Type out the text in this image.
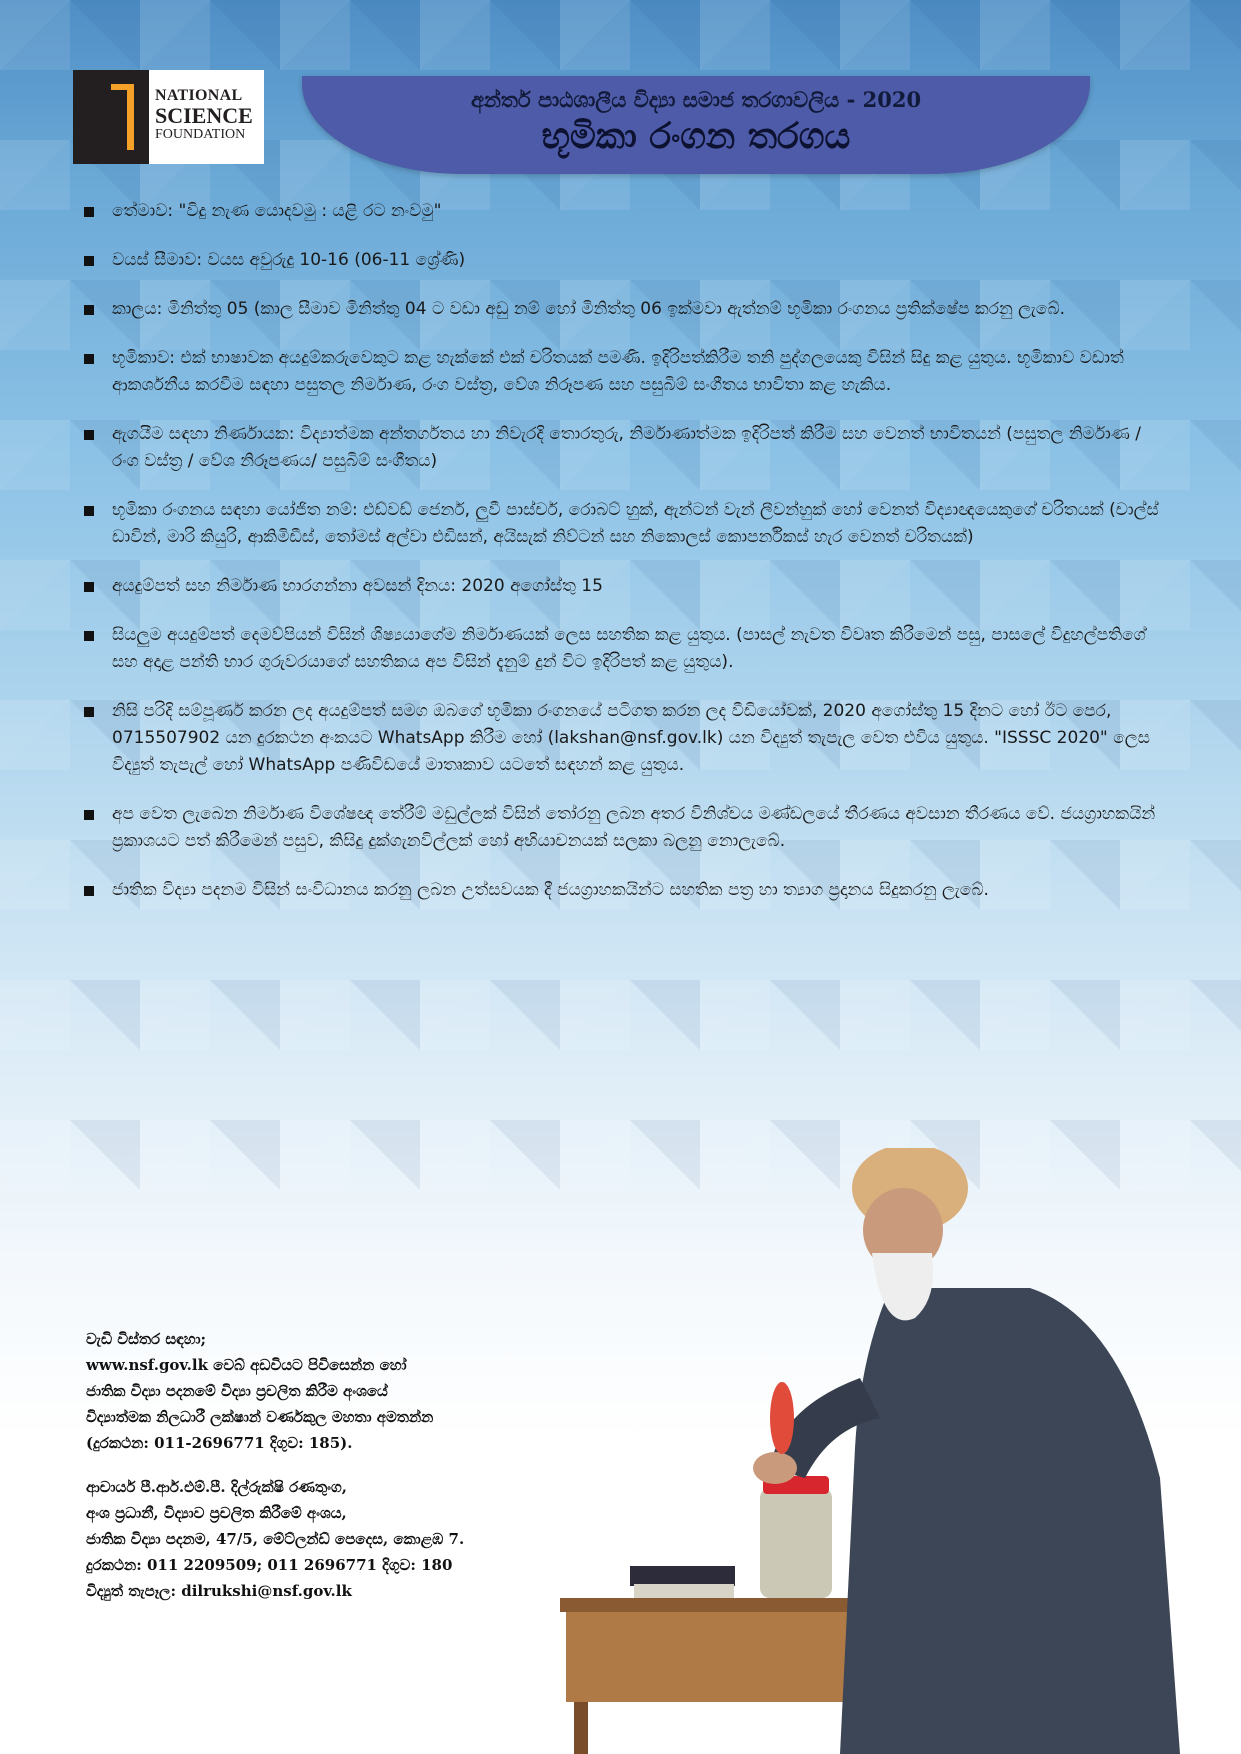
NATIONAL
SCIENCE
FOUNDATION
අන්තර් පාඨශාලීය විද්‍යා සමාජ තරගාවලිය - 2020
භූමිකා රංගන තරගය
තේමාව: "විදු නැණ යොදවමු : යළි රට නංවමු"
වයස් සීමාව: වයස අවුරුදු 10-16 (06-11 ශ්‍රේණි)
කාලය: මිනිත්තු 05 (කාල සීමාව මිනිත්තු 04 ට වඩා අඩු නම් හෝ මිනිත්තු 06 ඉක්මවා ඇත්නම් භූමිකා රංගනය ප්‍රතික්ෂේප කරනු ලැබේ.
භූමිකාව: එක් භාෂාවක අයදුම්කරුවෙකුට කළ හැක්කේ එක් චරිතයක් පමණි. ඉදිරිපත්කිරීම තනි පුද්ගලයෙකු විසින් සිදු කළ යුතුය. භූමිකාව වඩාත් ආකර්ශනීය කරවීම සඳහා පසුතල නිර්මාණ, රංග වස්ත්‍ර, වේශ නිරූපණ සහ පසුබිම් සංගීතය භාවිතා කළ හැකිය.
ඇගයීම සඳහා නිර්ණායක: විද්‍යාත්මක අන්තර්ගතය හා නිවැරදි තොරතුරු, නිර්මාණාත්මක ඉදිරිපත් කිරීම සහ වෙනත් භාවිතයන් (පසුතල නිර්මාණ / රංග වස්ත්‍ර / වේශ නිරූපණය/ පසුබිම් සංගීතය)
භූමිකා රංගනය සඳහා යෝජිත නම්: එඩ්වඩ් ජෙනර්, ලුවී පාස්චර්, රොබට් හුක්, ඇන්ටන් වැන් ලීවන්හුක් හෝ වෙනත් විද්‍යාඥයෙකුගේ චරිතයක් (චාල්ස් ඩාවින්, මාරි කියුරි, ආකිමිඩීස්, තෝමස් අල්වා එඩිසන්, අයිසැක් නිව්ටන් සහ නිකොලස් කොපර්නිකස් හැර වෙනත් චරිතයක්)
අයදුම්පත් සහ නිර්මාණ භාරගන්නා අවසන් දිනය: 2020 අගෝස්තු 15
සියලුම අයදුම්පත් දෙමව්පියන් විසින් ශිෂ්‍යයාගේම නිර්මාණයක් ලෙස සහතික කළ යුතුය. (පාසල් නැවත විවෘත කිරීමෙන් පසු, පාසලේ විදුහල්පතිගේ සහ අදාළ පන්ති භාර ගුරුවරයාගේ සහතිකය අප විසින් දැනුම් දුන් විට ඉදිරිපත් කළ යුතුය).
නිසි පරිදි සම්පූර්ණ කරන ලද අයදුම්පත් සමග ඔබගේ භූමිකා රංගනයේ පටිගත කරන ලද වීඩියෝවක්, 2020 අගෝස්තු 15 දිනට හෝ ඊට පෙර, 0715507902 යන දුරකථන අංකයට WhatsApp කිරීම හෝ (lakshan@nsf.gov.lk) යන විද්‍යුත් තැපැල වෙත එවිය යුතුය. "ISSSC 2020" ලෙස විද්‍යුත් තැපැල් හෝ WhatsApp පණිවිඩයේ මාතෘකාව යටතේ සඳහන් කළ යුතුය.
අප වෙත ලැබෙන නිර්මාණ විශේෂඥ තේරීම් මඩුල්ලක් විසින් තෝරනු ලබන අතර විනිශ්චය මණ්ඩලයේ තීරණය අවසාන තීරණය වේ. ජයග්‍රාහකයින් ප්‍රකාශයට පත් කිරීමෙන් පසුව, කිසිදු දුක්ගැනවිල්ලක් හෝ අභියාචනයක් සලකා බලනු නොලැබේ.
ජාතික විද්‍යා පදනම විසින් සංවිධානය කරනු ලබන උත්සවයක දී ජයග්‍රාහකයින්ට සහතික පත්‍ර හා ත්‍යාග ප්‍රදානය සිදුකරනු ලැබේ.
වැඩි විස්තර සඳහා;
www.nsf.gov.lk වෙබ් අඩවියට පිවිසෙන්න හෝ
ජාතික විද්‍යා පදනමේ විද්‍යා ප්‍රචලිත කිරීම අංශයේ
විද්‍යාත්මක නිලධාරී ලක්ෂාන් වර්ණකුල මහතා අමතන්න
(දුරකථන: 011-2696771 දිගුව: 185).
ආචාර්ය පී.ආර්.එම්.පී. දිල්රුක්ෂි රණතුංග,
අංශ ප්‍රධානී, විද්‍යාව ප්‍රචලිත කිරීමේ අංශය,
ජාතික විද්‍යා පදනම, 47/5, මේට්ලන්ඩ් පෙදෙස, කොළඹ 7.
දුරකථන: 011 2209509; 011 2696771 දිගුව: 180
විද්‍යුත් තැපෑල: dilrukshi@nsf.gov.lk
